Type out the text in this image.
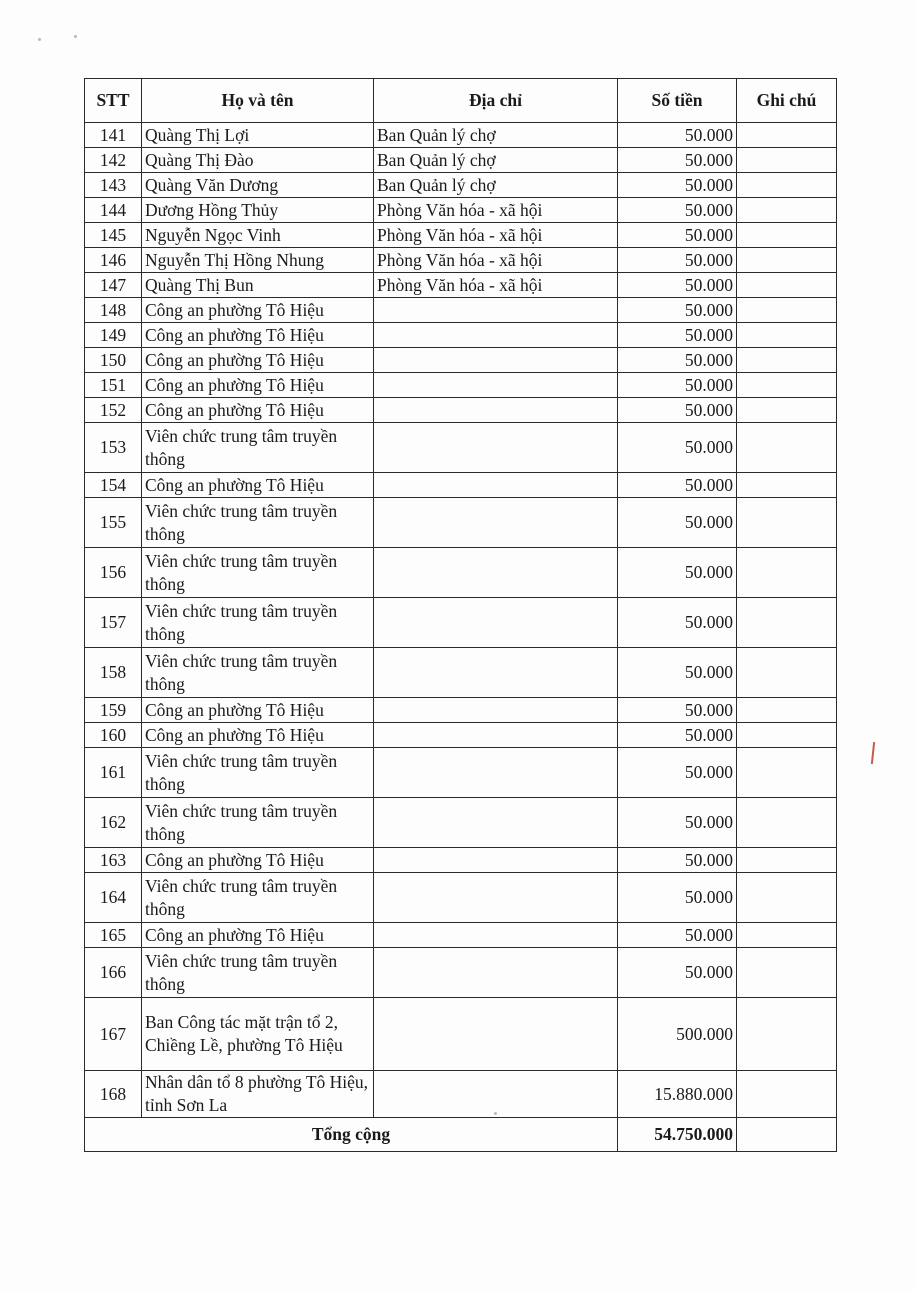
STT	Họ và tên	Địa chỉ	Số tiền	Ghi chú
141	Quàng Thị Lợi	Ban Quản lý chợ	50.000	
142	Quàng Thị Đào	Ban Quản lý chợ	50.000	
143	Quàng Văn Dương	Ban Quản lý chợ	50.000	
144	Dương Hồng Thủy	Phòng Văn hóa - xã hội	50.000	
145	Nguyễn Ngọc Vinh	Phòng Văn hóa - xã hội	50.000	
146	Nguyễn Thị Hồng Nhung	Phòng Văn hóa - xã hội	50.000	
147	Quàng Thị Bun	Phòng Văn hóa - xã hội	50.000	
148	Công an phường Tô Hiệu		50.000	
149	Công an phường Tô Hiệu		50.000	
150	Công an phường Tô Hiệu		50.000	
151	Công an phường Tô Hiệu		50.000	
152	Công an phường Tô Hiệu		50.000	
153	Viên chức trung tâm truyền thông		50.000	
154	Công an phường Tô Hiệu		50.000	
155	Viên chức trung tâm truyền thông		50.000	
156	Viên chức trung tâm truyền thông		50.000	
157	Viên chức trung tâm truyền thông		50.000	
158	Viên chức trung tâm truyền thông		50.000	
159	Công an phường Tô Hiệu		50.000	
160	Công an phường Tô Hiệu		50.000	
161	Viên chức trung tâm truyền thông		50.000	
162	Viên chức trung tâm truyền thông		50.000	
163	Công an phường Tô Hiệu		50.000	
164	Viên chức trung tâm truyền thông		50.000	
165	Công an phường Tô Hiệu		50.000	
166	Viên chức trung tâm truyền thông		50.000	
167	Ban Công tác mặt trận tổ 2, Chiềng Lề, phường Tô Hiệu		500.000	
168	Nhân dân tổ 8 phường Tô Hiệu, tỉnh Sơn La		15.880.000	
Tổng cộng			54.750.000	
